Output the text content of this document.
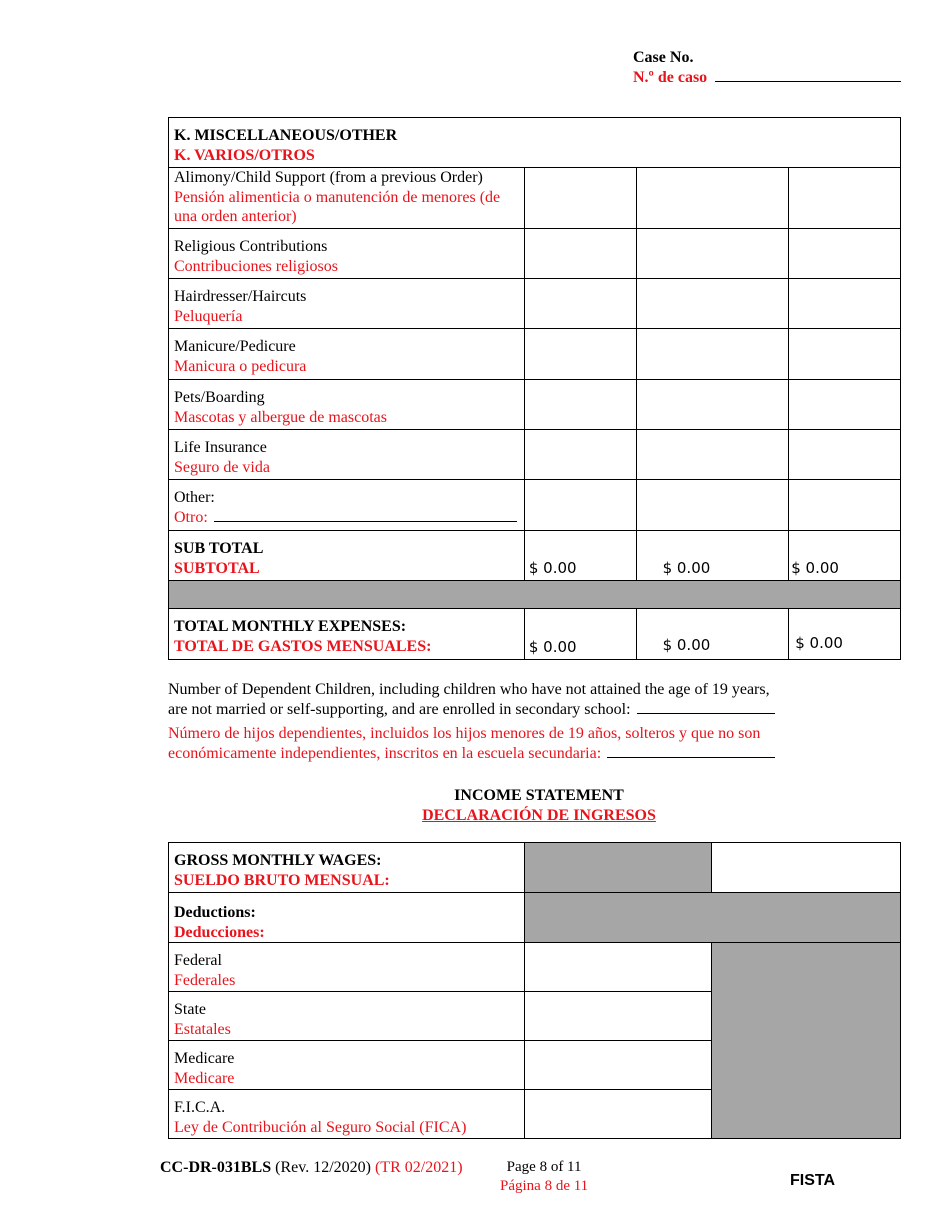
Case No.
N.º de caso
K. MISCELLANEOUS/OTHER
K. VARIOS/OTROS			

Alimony/Child Support (from a previous Order)
Pensión alimenticia o manutención de menores (de una orden anterior)			

Religious Contributions
Contribuciones religiosos			

Hairdresser/Haircuts
Peluquería			

Manicure/Pedicure
Manicura o pedicura			

Pets/Boarding
Mascotas y albergue de mascotas			

Life Insurance
Seguro de vida			

Other:
Otro:			

SUB TOTAL
SUBTOTAL	$ 0.00	$ 0.00	$ 0.00

TOTAL MONTHLY EXPENSES:
TOTAL DE GASTOS MENSUALES:	$ 0.00	$ 0.00	$ 0.00
Number of Dependent Children, including children who have not attained the age of 19 years,
are not married or self-supporting, and are enrolled in secondary school:
Número de hijos dependientes, incluidos los hijos menores de 19 años, solteros y que no son
económicamente independientes, inscritos en la escuela secundaria:
INCOME STATEMENT
DECLARACIÓN DE INGRESOS
GROSS MONTHLY WAGES:
SUELDO BRUTO MENSUAL:		

Deductions:
Deducciones:		

Federal
Federales		

State
Estatales		

Medicare
Medicare		

F.I.C.A.
Ley de Contribución al Seguro Social (FICA)		

CC-DR-031BLS (Rev. 12/2020) (TR 02/2021)	Page 8 of 11
Página 8 de 11	FISTA
